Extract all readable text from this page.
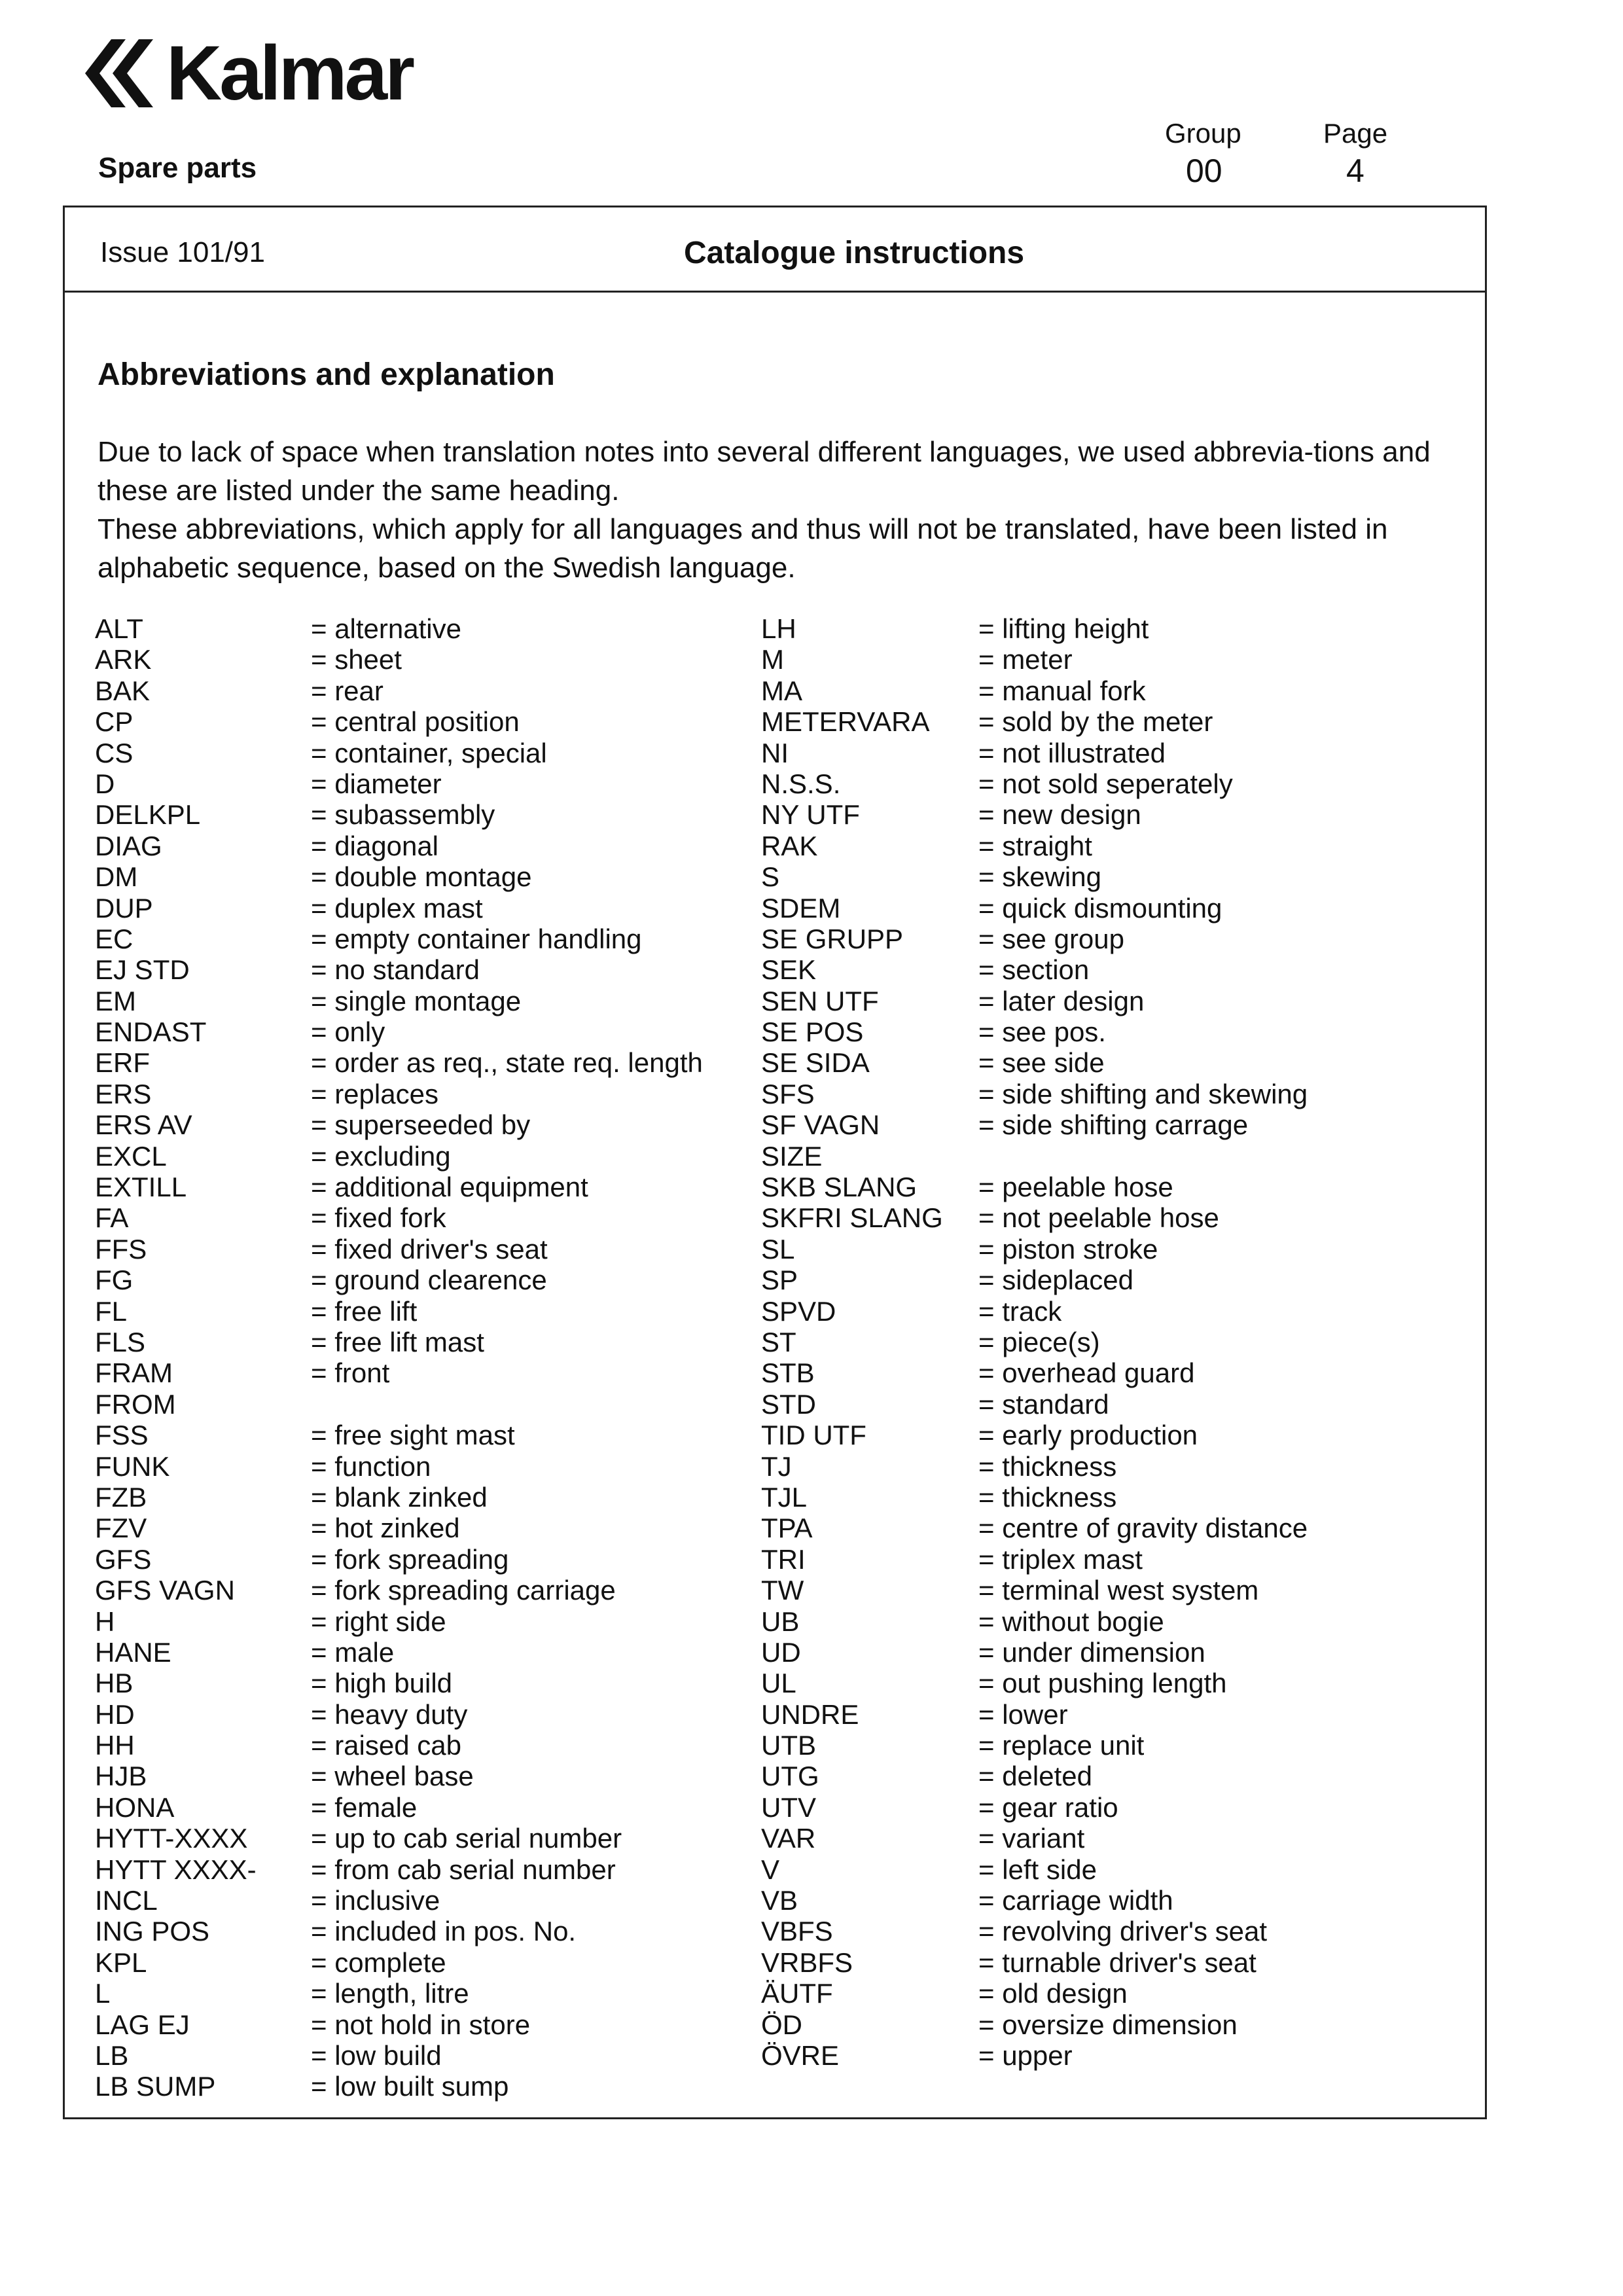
Kalmar
Spare parts
Group	Page
00	4
Issue 101/91	Catalogue instructions
Abbreviations and explanation

Due to lack of space when translation notes into several different languages, we used abbrevia-tions and these are listed under the same heading.

These abbreviations, which apply for all languages and thus will not be translated, have been listed in alphabetic sequence, based on the Swedish language.

ALT	= alternative
ARK	= sheet
BAK	= rear
CP	= central position
CS	= container, special
D	= diameter
DELKPL	= subassembly
DIAG	= diagonal
DM	= double montage
DUP	= duplex mast
EC	= empty container handling
EJ STD	= no standard
EM	= single montage
ENDAST	= only
ERF	= order as req., state req. length
ERS	= replaces
ERS AV	= superseeded by
EXCL	= excluding
EXTILL	= additional equipment
FA	= fixed fork
FFS	= fixed driver's seat
FG	= ground clearence
FL	= free lift
FLS	= free lift mast
FRAM	= front
FROM
FSS	= free sight mast
FUNK	= function
FZB	= blank zinked
FZV	= hot zinked
GFS	= fork spreading
GFS VAGN	= fork spreading carriage
H	= right side
HANE	= male
HB	= high build
HD	= heavy duty
HH	= raised cab
HJB	= wheel base
HONA	= female
HYTT-XXXX = up to cab serial number
HYTT XXXX- = from cab serial number
INCL	= inclusive
ING POS	= included in pos. No.
KPL	= complete
L	= length, litre
LAG EJ	= not hold in store
LB	= low build
LB SUMP	= low built sump
LH	= lifting height
M	= meter
MA	= manual fork
METERVARA = sold by the meter
NI	= not illustrated
N.S.S.	= not sold seperately
NY UTF	= new design
RAK	= straight
S	= skewing
SDEM	= quick dismounting
SE GRUPP	= see group
SEK	= section
SEN UTF	= later design
SE POS	= see pos.
SE SIDA	= see side
SFS	= side shifting and skewing
SF VAGN	= side shifting carrage
SIZE
SKB SLANG = peelable hose
SKFRI SLANG = not peelable hose
SL	= piston stroke
SP	= sideplaced
SPVD	= track
ST	= piece(s)
STB	= overhead guard
STD	= standard
TID UTF	= early production
TJ	= thickness
TJL	= thickness
TPA	= centre of gravity distance
TRI	= triplex mast
TW	= terminal west system
UB	= without bogie
UD	= under dimension
UL	= out pushing length
UNDRE	= lower
UTB	= replace unit
UTG	= deleted
UTV	= gear ratio
VAR	= variant
V	= left side
VB	= carriage width
VBFS	= revolving driver's seat
VRBFS	= turnable driver's seat
ÄUTF	= old design
ÖD	= oversize dimension
ÖVRE	= upper
